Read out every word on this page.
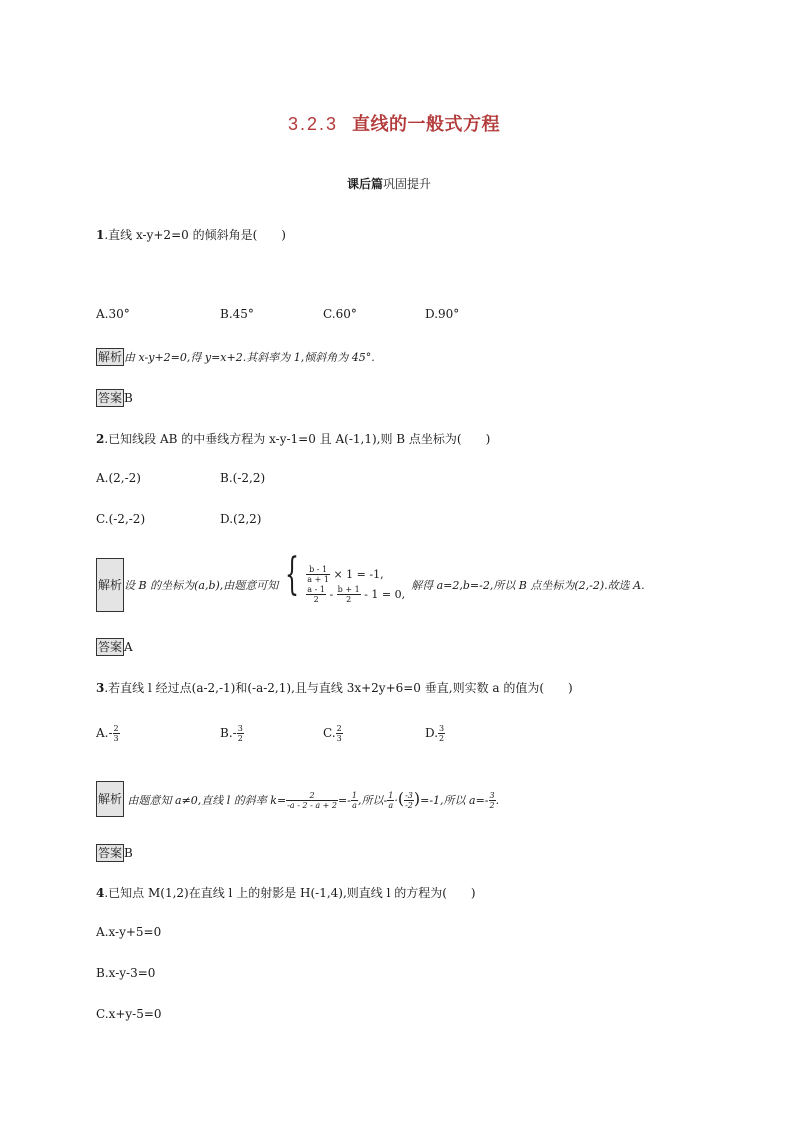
3.2.3 直线的一般式方程
课后篇巩固提升
1.直线 x-y+2=0 的倾斜角是(　　)
A.30°	B.45°	C.60°	D.90°
解析 由 x-y+2=0,得 y=x+2.其斜率为 1,倾斜角为 45°.
答案 B
2.已知线段 AB 的中垂线方程为 x-y-1=0 且 A(-1,1),则 B 点坐标为(　　)
A.(2,-2)	B.(-2,2)
C.(-2,-2)	D.(2,2)
解析 设 B 的坐标为(a,b),由题意可知 { $\frac{b - 1}{a + 1} \times 1 = -1$,
$\frac{a - 1}{2} - \frac{b + 1}{2} - 1 = 0$,
解得 a=2,b=-2,所以 B 点坐标为(2,-2).故选 A.
答案 A
3.若直线 l 经过点(a-2,-1)和(-a-2,1),且与直线 3x+2y+6=0 垂直,则实数 a 的值为(　　)
$A.- \frac{2}{3}$	$B.- \frac{3}{2}$	C. $\frac{2}{3}$	D. $\frac{3}{2}$
解析 由题意知 a≠0,直线 l 的斜率 $k= \frac{2}{-a - 2 - a + 2} =- \frac{1}{a}$ ,所以- $\frac{1}{a}$ ·( $\frac{-3}{-2} )=-1$,所以 $a=- \frac{3}{2}$ .
答案 B
4.已知点 M(1,2)在直线 l 上的射影是 H(-1,4),则直线 l 的方程为(　　)
A.x-y+5=0
B.x-y-3=0
C.x+y-5=0
